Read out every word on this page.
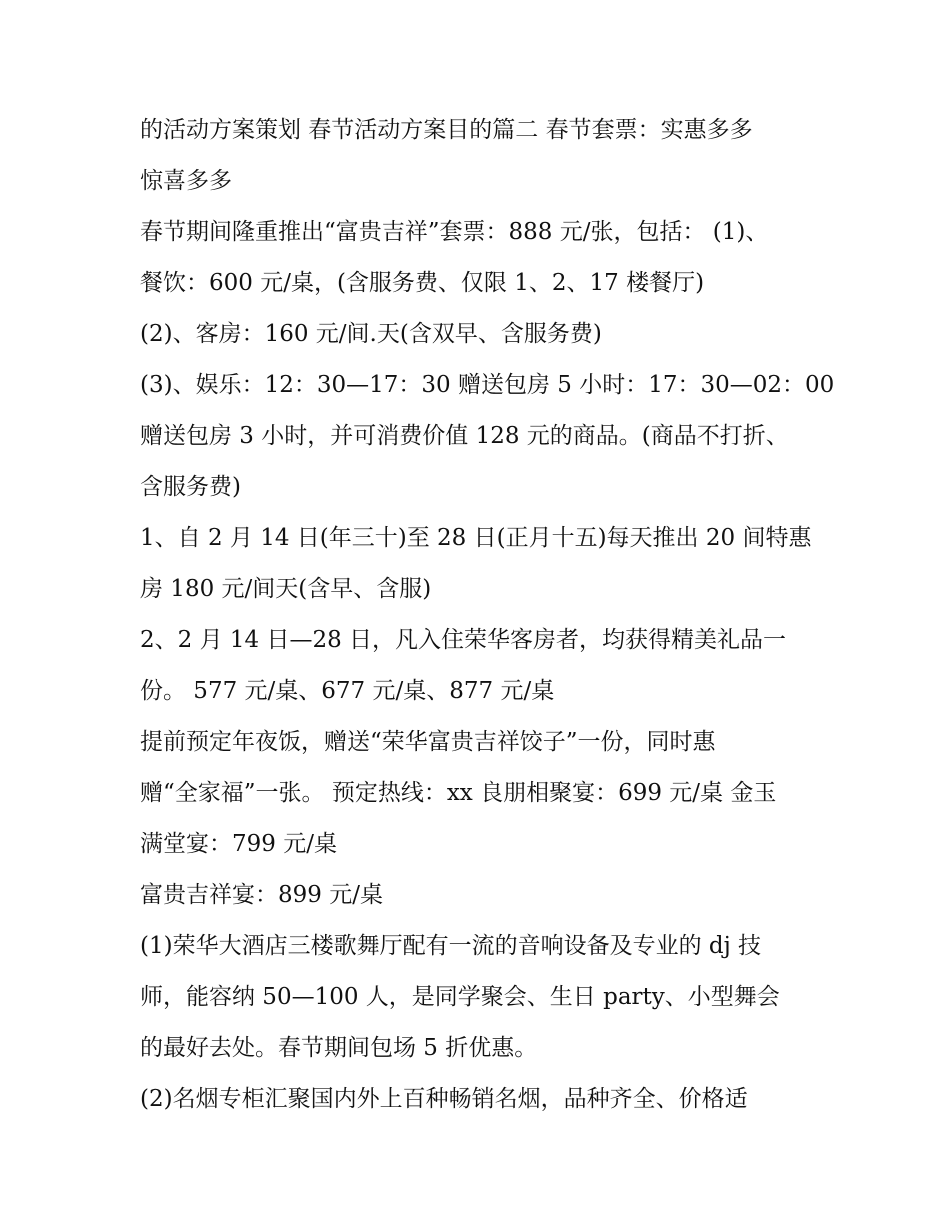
的活动方案策划 春节活动方案目的篇二 春节套票：实惠多多
惊喜多多
春节期间隆重推出“富贵吉祥”套票：888 元/张，包括： (1)、
餐饮：600 元/桌，(含服务费、仅限 1、2、17 楼餐厅)
(2)、客房：160 元/间.天(含双早、含服务费)
(3)、娱乐：12：30—17：30 赠送包房 5 小时：17：30—02：00
赠送包房 3 小时，并可消费价值 128 元的商品。(商品不打折、
含服务费)
1、自 2 月 14 日(年三十)至 28 日(正月十五)每天推出 20 间特惠
房 180 元/间天(含早、含服)
2、2 月 14 日—28 日，凡入住荣华客房者，均获得精美礼品一
份。 577 元/桌、677 元/桌、877 元/桌
提前预定年夜饭，赠送“荣华富贵吉祥饺子”一份，同时惠
赠“全家福”一张。 预定热线：xx 良朋相聚宴：699 元/桌 金玉
满堂宴：799 元/桌
富贵吉祥宴：899 元/桌
(1)荣华大酒店三楼歌舞厅配有一流的音响设备及专业的 dj 技
师，能容纳 50—100 人，是同学聚会、生日 party、小型舞会
的最好去处。春节期间包场 5 折优惠。
(2)名烟专柜汇聚国内外上百种畅销名烟，品种齐全、价格适
